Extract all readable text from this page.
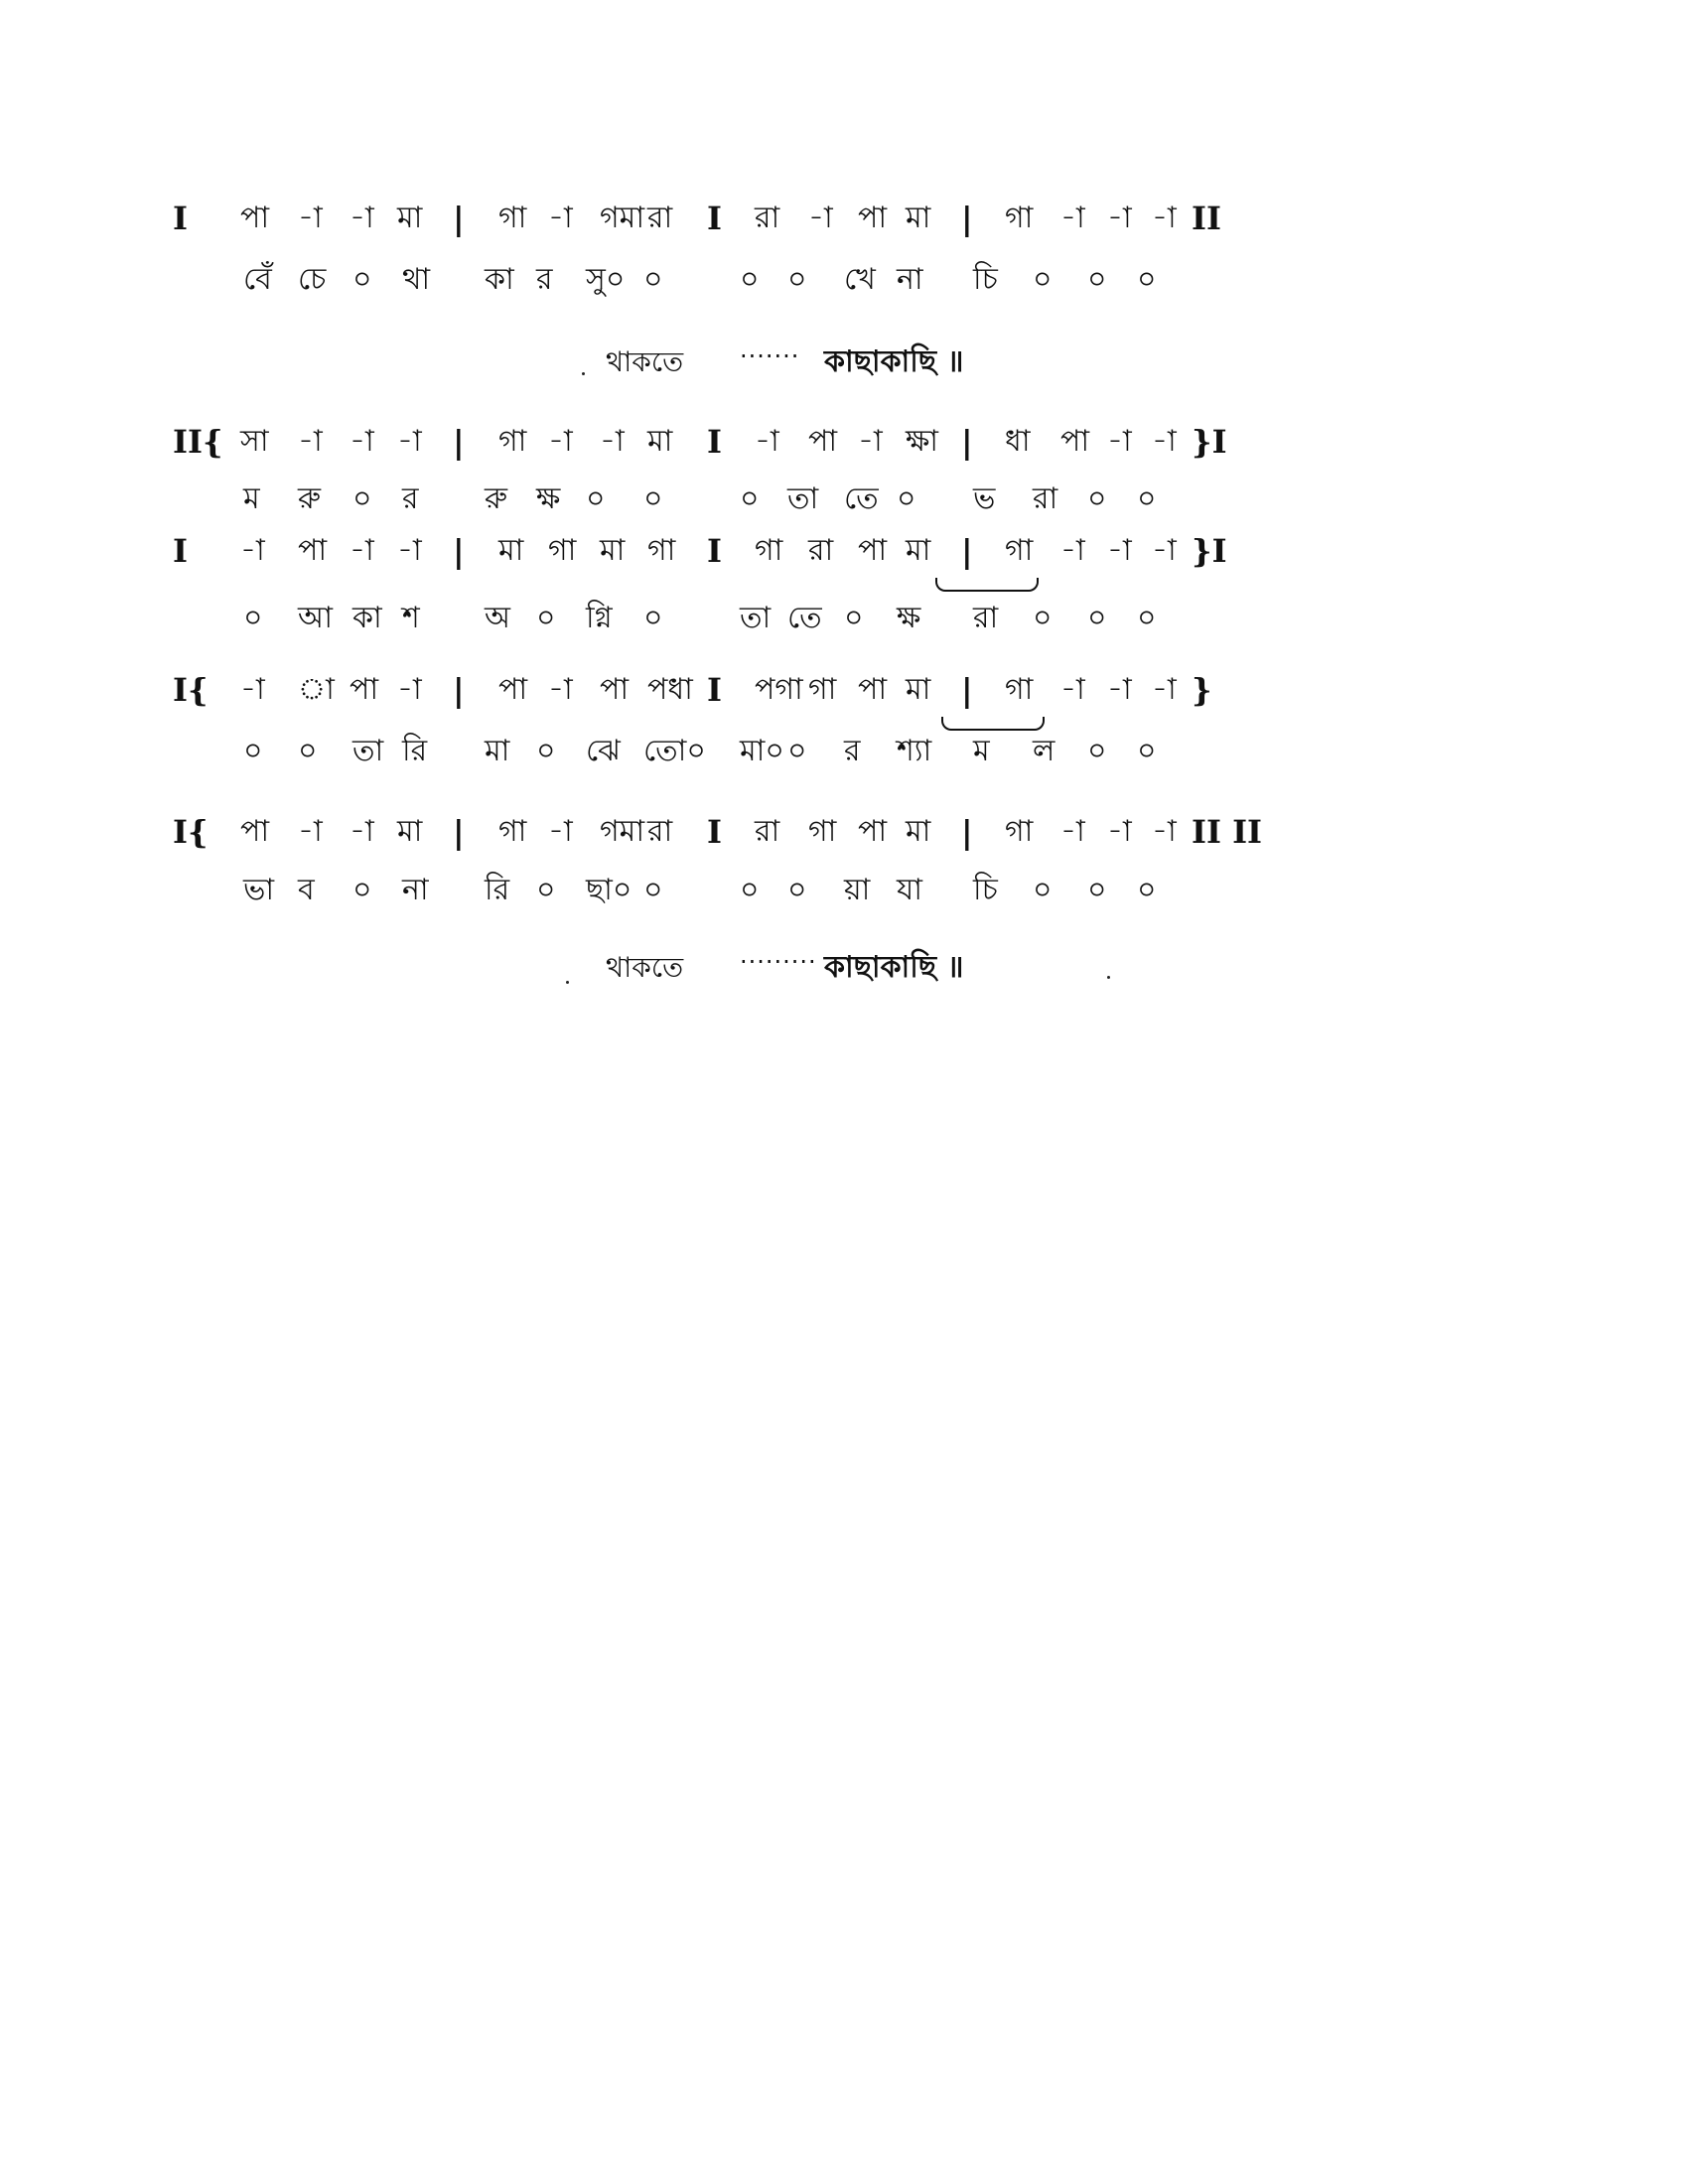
I পা -া -া মা | গা -া গমা রা I রা -া পা মা | গা -া -া -া II
বেঁ চে ০ থা কা র সু০ ০	০ ০ খে না চি ০ ০ ০
II{ সা -া -া -া | গা -া -া মা I -া পা -া ক্ষা | ধা পা -া -া }I
ম রু ০ র রু ক্ষ ০ ০	০ তা তে ০ ভ রা ০ ০
I -া পা -া -া | মা গা মা গা I গা রা পা মা | গা -া -া -া }I
০ আ কা শ অ ০ গ্নি ০	তা তে ০ ক্ষ রা ০ ০ ০
I{ -া া পা -া | পা -া পা পধা I পগা গা পা মা | গা -া -া -া }
০ ০ তা রি মা ০ ঝে তো০ মা০ ০ র শ্যা ম ল ০ ০
I{ পা -া -া মা | গা -া গমা রা I রা গা পা মা | গা -া -া -া II II
ভা ব ০ না রি ০ ছা০ ০	০ ০ য়া যা চি ০ ০ ০
থাকতে ······· কাছাকাছি ॥
থাকতে ········· কাছাকাছি ॥
